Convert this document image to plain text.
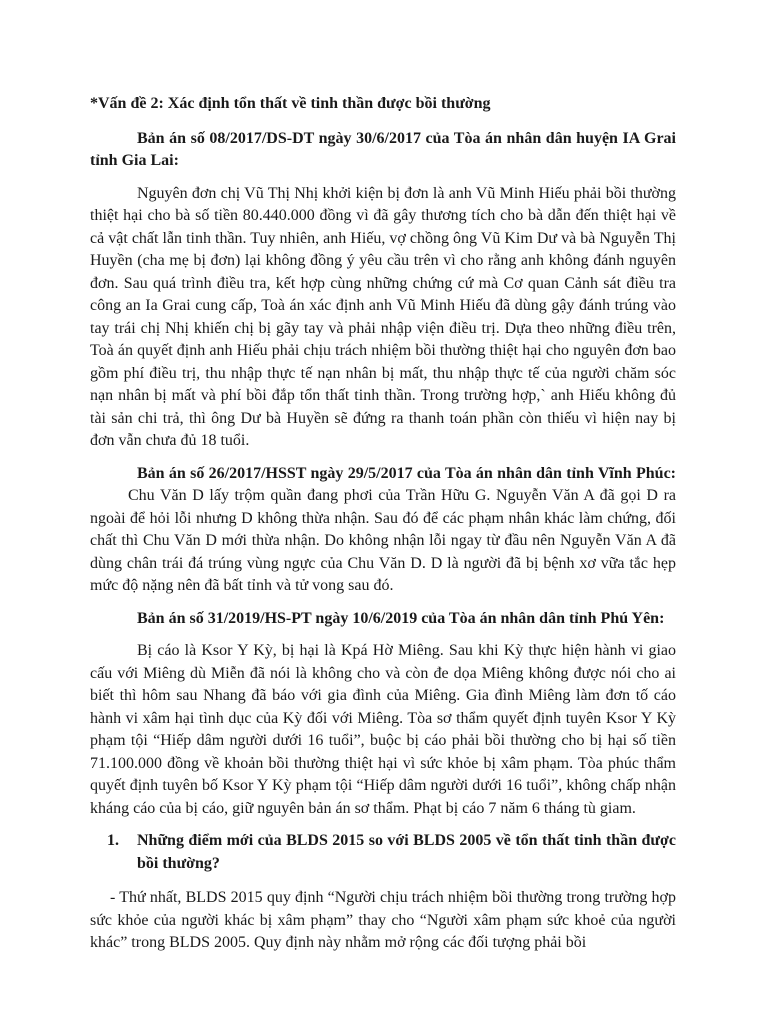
*Vấn đề 2: Xác định tổn thất về tinh thần được bồi thường

Bản án số 08/2017/DS-DT ngày 30/6/2017 của Tòa án nhân dân huyện IA Grai tỉnh Gia Lai:

Nguyên đơn chị Vũ Thị Nhị khởi kiện bị đơn là anh Vũ Minh Hiếu phải bồi thường thiệt hại cho bà số tiền 80.440.000 đồng vì đã gây thương tích cho bà dẫn đến thiệt hại về cả vật chất lẫn tinh thần. Tuy nhiên, anh Hiếu, vợ chồng ông Vũ Kim Dư và bà Nguyễn Thị Huyền (cha mẹ bị đơn) lại không đồng ý yêu cầu trên vì cho rằng anh không đánh nguyên đơn. Sau quá trình điều tra, kết hợp cùng những chứng cứ mà Cơ quan Cảnh sát điều tra công an Ia Grai cung cấp, Toà án xác định anh Vũ Minh Hiếu đã dùng gậy đánh trúng vào tay trái chị Nhị khiến chị bị gãy tay và phải nhập viện điều trị. Dựa theo những điều trên, Toà án quyết định anh Hiếu phải chịu trách nhiệm bồi thường thiệt hại cho nguyên đơn bao gồm phí điều trị, thu nhập thực tế nạn nhân bị mất, thu nhập thực tế của người chăm sóc nạn nhân bị mất và phí bồi đắp tổn thất tinh thần. Trong trường hợp,` anh Hiếu không đủ tài sản chi trả, thì ông Dư bà Huyền sẽ đứng ra thanh toán phần còn thiếu vì hiện nay bị đơn vẫn chưa đủ 18 tuổi.

Bản án số 26/2017/HSST ngày 29/5/2017 của Tòa án nhân dân tỉnh Vĩnh Phúc:Chu Văn D lấy trộm quần đang phơi của Trần Hữu G. Nguyễn Văn A đã gọi D ra ngoài để hỏi lỗi nhưng D không thừa nhận. Sau đó để các phạm nhân khác làm chứng, đối chất thì Chu Văn D mới thừa nhận. Do không nhận lỗi ngay từ đầu nên Nguyễn Văn A đã dùng chân trái đá trúng vùng ngực của Chu Văn D. D là người đã bị bệnh xơ vữa tắc hẹp mức độ nặng nên đã bất tỉnh và tử vong sau đó.

Bản án số 31/2019/HS-PT ngày 10/6/2019 của Tòa án nhân dân tỉnh Phú Yên:

Bị cáo là Ksor Y Kỳ, bị hại là Kpá Hờ Miêng. Sau khi Kỳ thực hiện hành vi giao cấu với Miêng dù Miễn đã nói là không cho và còn đe dọa Miêng không được nói cho ai biết thì hôm sau Nhang đã báo với gia đình của Miêng. Gia đình Miêng làm đơn tố cáo hành vi xâm hại tình dục của Kỳ đối với Miêng. Tòa sơ thẩm quyết định tuyên Ksor Y Kỳ phạm tội “Hiếp dâm người dưới 16 tuổi”, buộc bị cáo phải bồi thường cho bị hại số tiền 71.100.000 đồng về khoản bồi thường thiệt hại vì sức khỏe bị xâm phạm. Tòa phúc thẩm quyết định tuyên bố Ksor Y Kỳ phạm tội “Hiếp dâm người dưới 16 tuổi”, không chấp nhận kháng cáo của bị cáo, giữ nguyên bản án sơ thẩm. Phạt bị cáo 7 năm 6 tháng tù giam.

1.	Những điểm mới của BLDS 2015 so với BLDS 2005 về tổn thất tinh thần được bồi thường?

- Thứ nhất, BLDS 2015 quy định “Người chịu trách nhiệm bồi thường trong trường hợp sức khỏe của người khác bị xâm phạm” thay cho “Người xâm phạm sức khoẻ của người khác” trong BLDS 2005. Quy định này nhằm mở rộng các đối tượng phải bồi
